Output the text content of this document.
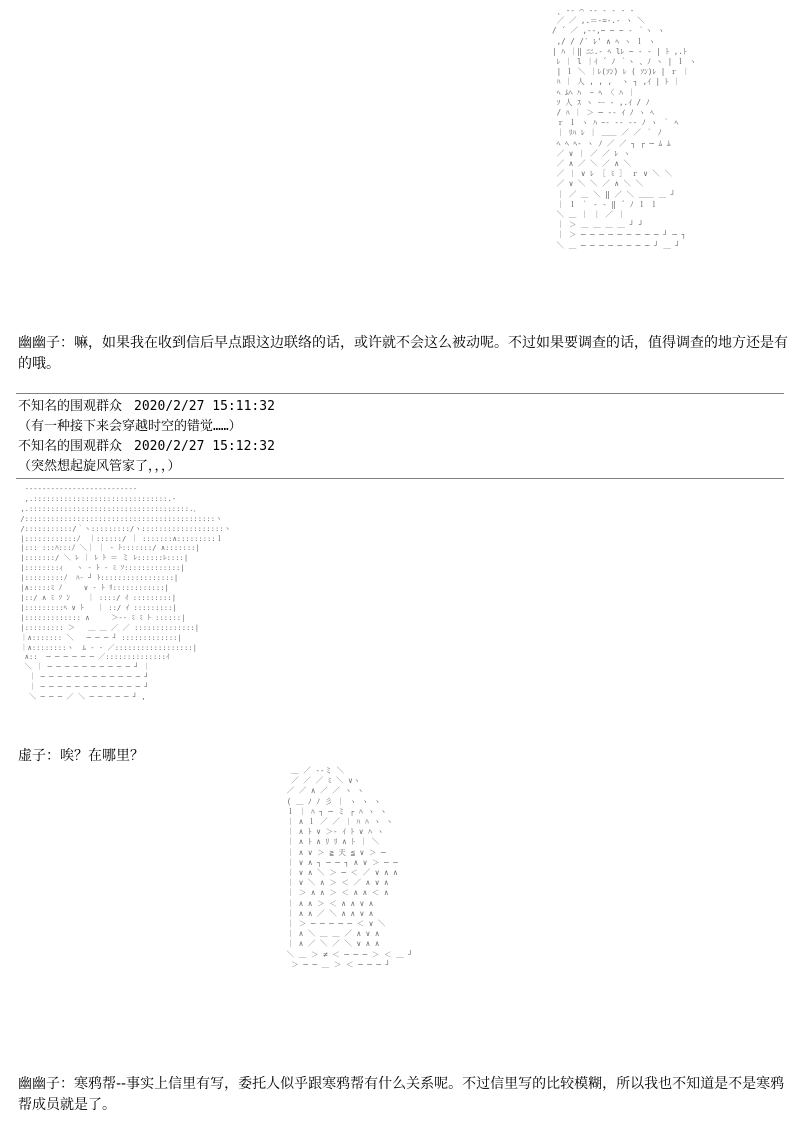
˛ -‐ ⌒ ‐- ‐ ‐ ‐ ‐
／ ／ ,.＝‐=‐.‐ ヽ ＼
/ ´ ／ ,‐‐,~ ~ ~ ‐ ｀ヽ ヽ
,/ / /′ ﾚ' ∧ ﾍ ヽ ｌ ヽ
| ﾊ ｜‖ ﾆﾆ.‐ ﾍ lﾚ ~ ‐ ‐ | ﾄ ,.ﾄ
ﾚ ｜ l ｜ｲ ´ ﾉ ｀ヽ 、ﾉ ヽ | ｌ ヽ
| ｌ ＼ ｜ﾚ(ｿﾝ) ﾚ ( ｿﾝ)ﾚ | ｒ ｜
ﾊ ｜ 人 , , ,  ヽ ┐ ,ｲ | ﾄ ｜
ﾍ ﾑﾍ ﾊ  ｰ ﾍ 〈 ﾊ ｜
ｿ 人 ｽ ヽ ー ‐ ,.ｲ / ﾉ
/ ﾊ ｜ ＞ ─ ‐‐ ｲ ﾉ ヽ ﾍ
ｒ ｌ ヽ ﾊ ｰ‐ ‐‐ ‐‐ ﾉ ヽ ｀ ﾍ
｜ ﾘﾊ ﾚ ｜ ＿＿ ／ ／ ｀ ﾉ
ﾍ ﾍ ﾍ‐ ヽ ﾉ ／ ／ ┐ ┌ ─ ﾑ ﾑ
／ ∨ ｜ ／ ／ ﾚ ヽ
／ ∧ ／ ＼ ／ ∧ ＼
／ ｜ ∨ ﾚ ［ ﾐ ］ ｒ ∨ ＼ ＼
／ ∨ ＼ ＼ ／ ∧ ＼ ＼
｜ ／ ＿ ＼ ‖ ／ ＼ ＿＿ ＿ ┘
｜ ｌ ｀ ‐ ‐ ‖ ´ ﾉ ｌ ｌ
＼ ＿ ｜ ｜ ／ ｜
｜ ＞ ＿ ＿ ＿ ＿ ┘ ┘
｜ ＞ ─ ─ ─ ─ ─ ─ ─ ─ ─ ┘ ─ ┐
＼ ＿ ─ ─ ─ ─ ─ ─ ─ ─ ┘ ＿ ┘

幽幽子：嘛，如果我在收到信后早点跟这边联络的话，或许就不会这么被动呢。不过如果要调查的话，值得调查的地方还是有的哦。

不知名的围观群众 2020/2/27 15:11:32
（有一种接下来会穿越时空的错觉……）
不知名的围观群众 2020/2/27 15:12:32
（突然想起旋风管家了，，，）
‐‐‐‐‐‐‐‐‐‐‐‐‐‐‐‐‐‐‐‐‐‐‐‐‐‐
,.:::::::::::::::::::::::::::::::.‐
,.:::::::::::::::::::::::::::::::::::::.､
/::::::::::::::::::::::::::::::::::::::::::::ヽ
/:::::::::::/｀ヽ:::::::::/ヽ:::::::::::::::::::ヽ
|::::::::::::ﾉ  ｜::::::/ ｜ :::::::∧:::::::::ｌ
|::: :::ﾊ:::ﾉ ＼｜ ｜ ‐ ﾄ:::::::/ ∧:::::::|
|:::::::/ ＼ ﾚ ｜ ﾚ ﾄ ＝ ミ ﾚ::::::ﾚ::::|
|::::::::ｨ   ヽ ‐ ﾄ ‐ ﾐ ｿ:::::::::::::|
|:::::::::ﾉ  ﾊ‐ ┘ ﾄ:::::::::::::::::|
|∧:::::ﾐ ﾉ     ∨ ‐ ﾄ ﾘ::::::::::::|
|::/ ∧ ﾐ ｿ ﾝ    ｜ ::::/ ｲ :::::::::|
|:::::::::ﾍ ∨ ﾄ   ｜ ::/ ｲ :::::::::|
|::::::::::::: ∧     ＞‐‐ ﾐ ﾐ ﾄ ::::::|
|::::::::: ＞   ＿ ＿ ／ ／ ::::::::::::::|
｜∧::::::: ＼   ─ ─ ─ ┘ :::::::::::::|
｜∧::::::::ヽ  ﾑ ‐ ‐ ／::::::::::::::::::|
∧::  ─ ─ ─ ─ ─ ─ ／::::::::::::::ｲ
＼ ｜ ─ ─ ─ ─ ─ ─ ─ ─ ─ ─ ┘ ｜
｜ ─ ─ ─ ─ ─ ─ ─ ─ ─ ─ ─ ─ ┘
｜ ─ ─ ─ ─ ─ ─ ─ ─ ─ ─ ─ ─ ┘
＼ ─ ─ ─ ／ ＼ ─ ─ ─ ─ ─ ┘ ,

虚子：唉？在哪里？

＿ ／ ‐‐ミ ＼
／ ／ ／ ﾐ ＼ ∨ヽ
／ ／ ∧ ／ ／ ヽ ヽ
( ＿ ﾉ ﾉ 彡 ｜ ヽ ヽ ヽ
ｌ ｜ ﾊ ┐ ─ ミ ┌ ﾊ ヽ ヽ
｜ ∧ ｌ ／ ／ ｜ ﾊ ﾊ ヽ ヽ
｜ ∧ ﾄ ∨ ＞‐ ｲ ﾄ ∨ ﾊ ヽ
｜ ∧ ﾄ ∧ ﾘ ﾘ ∧ ﾄ ｜ ＼
｜ ∧ ∨ ＞ ≧ 天 ≦ ∨ ＞ ─
｜ ∨ ∧ ┐ ─ ─ ┐ ∧ ∨ ＞ ─ ─
｜ ∨ ∧ ＼ ＞ ─ ＜ ／ ∨ ∧ ∧
｜ ∨ ＼ ∧ ＞ ＜ ／ ∧ ∨ ∧
｜ ＞ ∧ ∧ ＞ ＜ ∧ ∧ ＜ ∧
｜ ∧ ∧ ＞ ＜ ∧ ∧ ∨ ∧
｜ ∧ ∧ ／ ＼ ∧ ∧ ∨ ∧
｜ ＞ ─ ─ ─ ─ ─ ＜ ∨ ＼
｜ ∧ ＼ ＿ ＿ ／ ∧ ∨ ∧
｜ ∧ ／ ＼ ／ ＼ ∨ ∧ ∧
＼ ＿ ＞ ≠ ＜ ─ ─ ─ ＞ ＜ ＿ ┘
＞ ─ ─ ＿ ＞ ＜ ─ ─ ─ ┘

幽幽子：寒鸦帮--事实上信里有写，委托人似乎跟寒鸦帮有什么关系呢。不过信里写的比较模糊，所以我也不知道是不是寒鸦帮成员就是了。
